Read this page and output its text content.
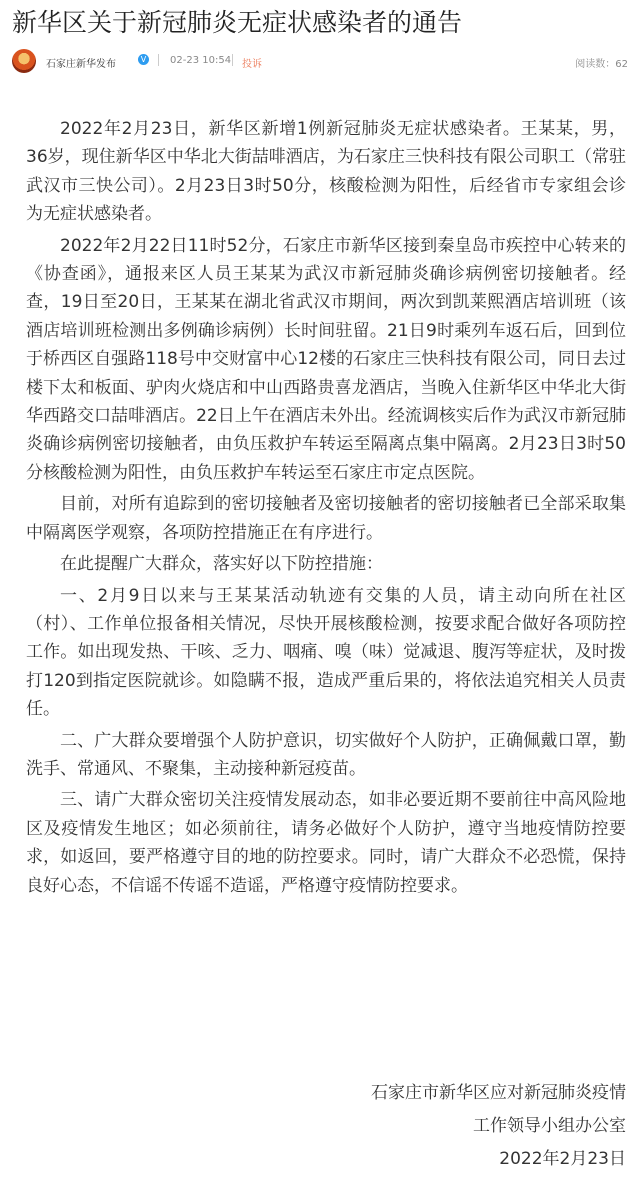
新华区关于新冠肺炎无症状感染者的通告
石家庄新华发布	V 02-23 10:54 投诉	阅读数：62

2022年2月23日，新华区新增1例新冠肺炎无症状感染者。王某某，男，36岁，现住新华区中华北大街喆啡酒店，为石家庄三快科技有限公司职工（常驻武汉市三快公司）。2月23日3时50分，核酸检测为阳性，后经省市专家组会诊为无症状感染者。

2022年2月22日11时52分，石家庄市新华区接到秦皇岛市疾控中心转来的《协查函》，通报来区人员王某某为武汉市新冠肺炎确诊病例密切接触者。经查，19日至20日，王某某在湖北省武汉市期间，两次到凯莱熙酒店培训班（该酒店培训班检测出多例确诊病例）长时间驻留。21日9时乘列车返石后，回到位于桥西区自强路118号中交财富中心12楼的石家庄三快科技有限公司，同日去过楼下太和板面、驴肉火烧店和中山西路贵喜龙酒店，当晚入住新华区中华北大街华西路交口喆啡酒店。22日上午在酒店未外出。经流调核实后作为武汉市新冠肺炎确诊病例密切接触者，由负压救护车转运至隔离点集中隔离。2月23日3时50分核酸检测为阳性，由负压救护车转运至石家庄市定点医院。

目前，对所有追踪到的密切接触者及密切接触者的密切接触者已全部采取集中隔离医学观察，各项防控措施正在有序进行。

在此提醒广大群众，落实好以下防控措施：

一、2月9日以来与王某某活动轨迹有交集的人员，请主动向所在社区（村）、工作单位报备相关情况，尽快开展核酸检测，按要求配合做好各项防控工作。如出现发热、干咳、乏力、咽痛、嗅（味）觉减退、腹泻等症状，及时拨打120到指定医院就诊。如隐瞒不报，造成严重后果的，将依法追究相关人员责任。

二、广大群众要增强个人防护意识，切实做好个人防护，正确佩戴口罩，勤洗手、常通风、不聚集，主动接种新冠疫苗。

三、请广大群众密切关注疫情发展动态，如非必要近期不要前往中高风险地区及疫情发生地区；如必须前往，请务必做好个人防护，遵守当地疫情防控要求，如返回，要严格遵守目的地的防控要求。同时，请广大群众不必恐慌，保持良好心态，不信谣不传谣不造谣，严格遵守疫情防控要求。

石家庄市新华区应对新冠肺炎疫情
工作领导小组办公室
2022年2月23日
